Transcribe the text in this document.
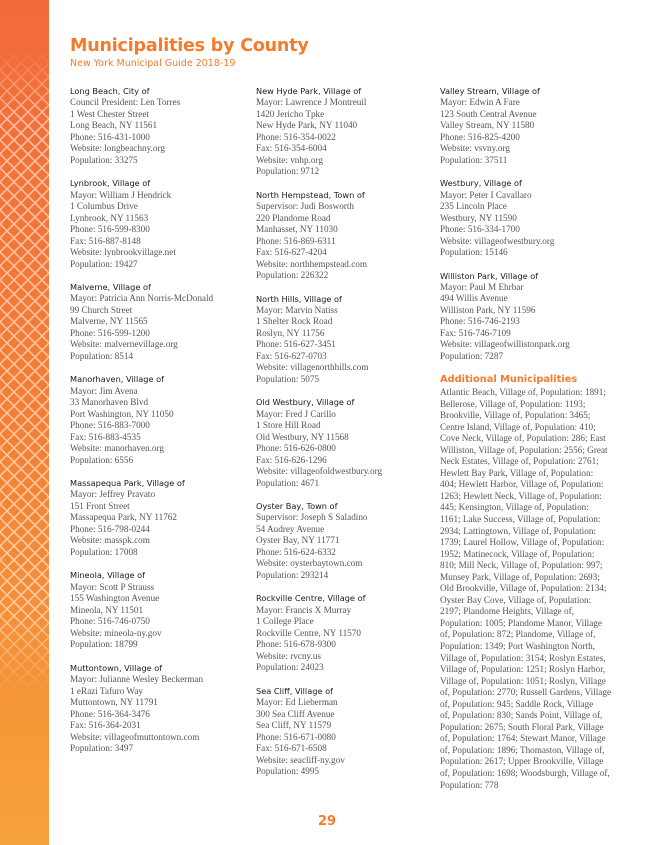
Municipalities by County
New York Municipal Guide 2018-19
Long Beach, City of
Council President: Len Torres
1 West Chester Street
Long Beach, NY 11561
Phone: 516-431-1000
Website: longbeachny.org
Population: 33275
Lynbrook, Village of
Mayor: William J Hendrick
1 Columbus Drive
Lynbrook, NY 11563
Phone: 516-599-8300
Fax: 516-887-8148
Website: lynbrookvillage.net
Population: 19427
Malverne, Village of
Mayor: Patricia Ann Norris-McDonald
99 Church Street
Malverne, NY 11565
Phone: 516-599-1200
Website: malvernevillage.org
Population: 8514
Manorhaven, Village of
Mayor: Jim Avena
33 Manorhaven Blvd
Port Washington, NY 11050
Phone: 516-883-7000
Fax: 516-883-4535
Website: manorhaven.org
Population: 6556
Massapequa Park, Village of
Mayor: Jeffrey Pravato
151 Front Street
Massapequa Park, NY 11762
Phone: 516-798-0244
Website: masspk.com
Population: 17008
Mineola, Village of
Mayor: Scott P Strauss
155 Washington Avenue
Mineola, NY 11501
Phone: 516-746-0750
Website: mineola-ny.gov
Population: 18799
Muttontown, Village of
Mayor: Julianne Wesley Beckerman
1 eRazi Tafuro Way
Muttontown, NY 11791
Phone: 516-364-3476
Fax: 516-364-2031
Website: villageofmuttontown.com
Population: 3497
New Hyde Park, Village of
Mayor: Lawrence J Montreuil
1420 Jericho Tpke
New Hyde Park, NY 11040
Phone: 516-354-0022
Fax: 516-354-6004
Website: vnhp.org
Population: 9712
North Hempstead, Town of
Supervisor: Judi Bosworth
220 Plandome Road
Manhasset, NY 11030
Phone: 516-869-6311
Fax: 516-627-4204
Website: northhempstead.com
Population: 226322
North Hills, Village of
Mayor: Marvin Natiss
1 Shelter Rock Road
Roslyn, NY 11756
Phone: 516-627-3451
Fax: 516-627-0703
Website: villagenorthhills.com
Population: 5075
Old Westbury, Village of
Mayor: Fred J Carillo
1 Store Hill Road
Old Westbury, NY 11568
Phone: 516-626-0800
Fax: 516-626-1296
Website: villageofoldwestbury.org
Population: 4671
Oyster Bay, Town of
Supervisor: Joseph S Saladino
54 Audrey Avenue
Oyster Bay, NY 11771
Phone: 516-624-6332
Website: oysterbaytown.com
Population: 293214
Rockville Centre, Village of
Mayor: Francis X Murray
1 College Place
Rockville Centre, NY 11570
Phone: 516-678-9300
Website: rvcny.us
Population: 24023
Sea Cliff, Village of
Mayor: Ed Lieberman
300 Sea Cliff Avenue
Sea Cliff, NY 11579
Phone: 516-671-0080
Fax: 516-671-6508
Website: seacliff-ny.gov
Population: 4995
Valley Stream, Village of
Mayor: Edwin A Fare
123 South Central Avenue
Valley Stream, NY 11580
Phone: 516-825-4200
Website: vsvny.org
Population: 37511
Westbury, Village of
Mayor: Peter I Cavallaro
235 Lincoln Place
Westbury, NY 11590
Phone: 516-334-1700
Website: villageofwestbury.org
Population: 15146
Williston Park, Village of
Mayor: Paul M Ehrbar
494 Willis Avenue
Williston Park, NY 11596
Phone: 516-746-2193
Fax: 516-746-7109
Website: villageofwillistonpark.org
Population: 7287
Additional Municipalities
Atlantic Beach, Village of, Population: 1891;
Bellerose, Village of, Population: 1193;
Brookville, Village of, Population: 3465;
Centre Island, Village of, Population: 410;
Cove Neck, Village of, Population: 286; East
Williston, Village of, Population: 2556; Great
Neck Estates, Village of, Population: 2761;
Hewlett Bay Park, Village of, Population:
404; Hewlett Harbor, Village of, Population:
1263; Hewlett Neck, Village of, Population:
445; Kensington, Village of, Population:
1161; Lake Success, Village of, Population:
2934; Lattingtown, Village of, Population:
1739; Laurel Hollow, Village of, Population:
1952; Matinecock, Village of, Population:
810; Mill Neck, Village of, Population: 997;
Munsey Park, Village of, Population: 2693;
Old Brookville, Village of, Population: 2134;
Oyster Bay Cove, Village of, Population:
2197; Plandome Heights, Village of,
Population: 1005; Plandome Manor, Village
of, Population: 872; Plandome, Village of,
Population: 1349; Port Washington North,
Village of, Population: 3154; Roslyn Estates,
Village of, Population: 1251; Roslyn Harbor,
Village of, Population: 1051; Roslyn, Village
of, Population: 2770; Russell Gardens, Village
of, Population: 945; Saddle Rock, Village
of, Population: 830; Sands Point, Village of,
Population: 2675; South Floral Park, Village
of, Population: 1764; Stewart Manor, Village
of, Population: 1896; Thomaston, Village of,
Population: 2617; Upper Brookville, Village
of, Population: 1698; Woodsburgh, Village of,
Population: 778
29
